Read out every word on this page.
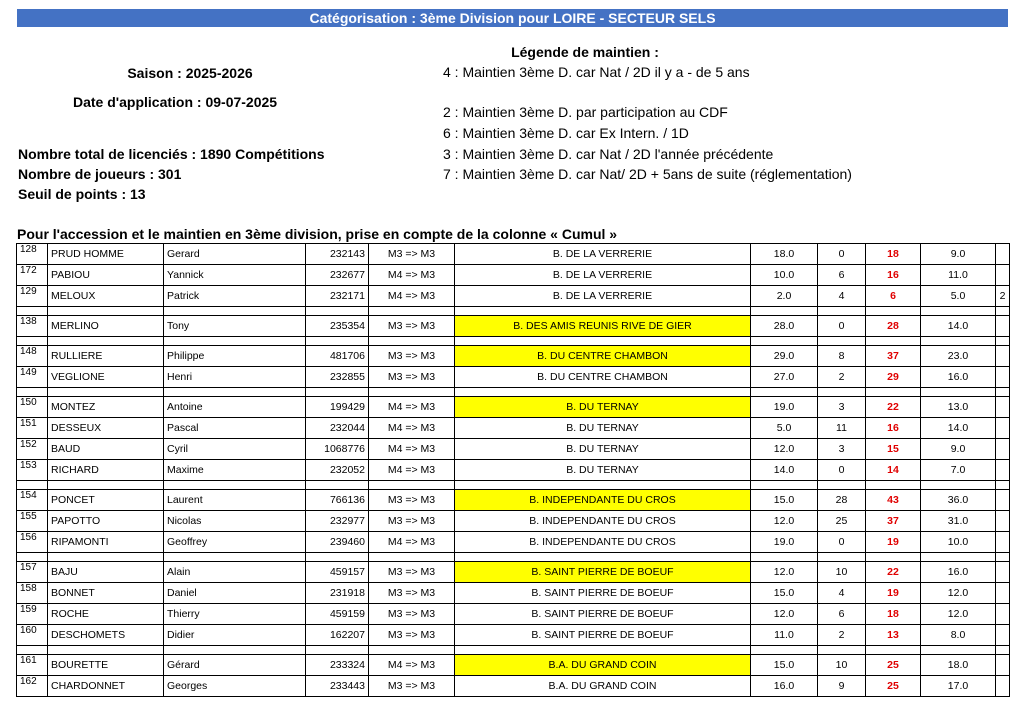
Catégorisation : 3ème Division pour LOIRE - SECTEUR SELS
Saison : 2025-2026
Date d'application : 09-07-2025
Nombre total de licenciés : 1890 Compétitions
Nombre de joueurs : 301
Seuil de points : 13
Légende de maintien :
4 : Maintien 3ème D. car Nat / 2D il y a - de 5 ans
2 : Maintien 3ème D. par participation au CDF
6 : Maintien 3ème D. car Ex Intern. / 1D
3 : Maintien 3ème D. car Nat / 2D l'année précédente
7 : Maintien 3ème D. car Nat/ 2D + 5ans de suite (réglementation)
Pour l'accession et le maintien en 3ème division, prise en compte de la colonne « Cumul »
128	PRUD HOMME	Gerard	232143	M3 => M3	B. DE LA VERRERIE	18.0	0	18	9.0	
172	PABIOU	Yannick	232677	M4 => M3	B. DE LA VERRERIE	10.0	6	16	11.0	
129	MELOUX	Patrick	232171	M4 => M3	B. DE LA VERRERIE	2.0	4	6	5.0	2

138	MERLINO	Tony	235354	M3 => M3	B. DES AMIS REUNIS RIVE DE GIER	28.0	0	28	14.0	

148	RULLIERE	Philippe	481706	M3 => M3	B. DU CENTRE CHAMBON	29.0	8	37	23.0	
149	VEGLIONE	Henri	232855	M3 => M3	B. DU CENTRE CHAMBON	27.0	2	29	16.0	

150	MONTEZ	Antoine	199429	M4 => M3	B. DU TERNAY	19.0	3	22	13.0	
151	DESSEUX	Pascal	232044	M4 => M3	B. DU TERNAY	5.0	11	16	14.0	
152	BAUD	Cyril	1068776	M4 => M3	B. DU TERNAY	12.0	3	15	9.0	
153	RICHARD	Maxime	232052	M4 => M3	B. DU TERNAY	14.0	0	14	7.0	

154	PONCET	Laurent	766136	M3 => M3	B. INDEPENDANTE DU CROS	15.0	28	43	36.0	
155	PAPOTTO	Nicolas	232977	M3 => M3	B. INDEPENDANTE DU CROS	12.0	25	37	31.0	
156	RIPAMONTI	Geoffrey	239460	M4 => M3	B. INDEPENDANTE DU CROS	19.0	0	19	10.0	

157	BAJU	Alain	459157	M3 => M3	B. SAINT PIERRE DE BOEUF	12.0	10	22	16.0	
158	BONNET	Daniel	231918	M3 => M3	B. SAINT PIERRE DE BOEUF	15.0	4	19	12.0	
159	ROCHE	Thierry	459159	M3 => M3	B. SAINT PIERRE DE BOEUF	12.0	6	18	12.0	
160	DESCHOMETS	Didier	162207	M3 => M3	B. SAINT PIERRE DE BOEUF	11.0	2	13	8.0	

161	BOURETTE	Gérard	233324	M4 => M3	B.A. DU GRAND COIN	15.0	10	25	18.0	
162	CHARDONNET	Georges	233443	M3 => M3	B.A. DU GRAND COIN	16.0	9	25	17.0	
